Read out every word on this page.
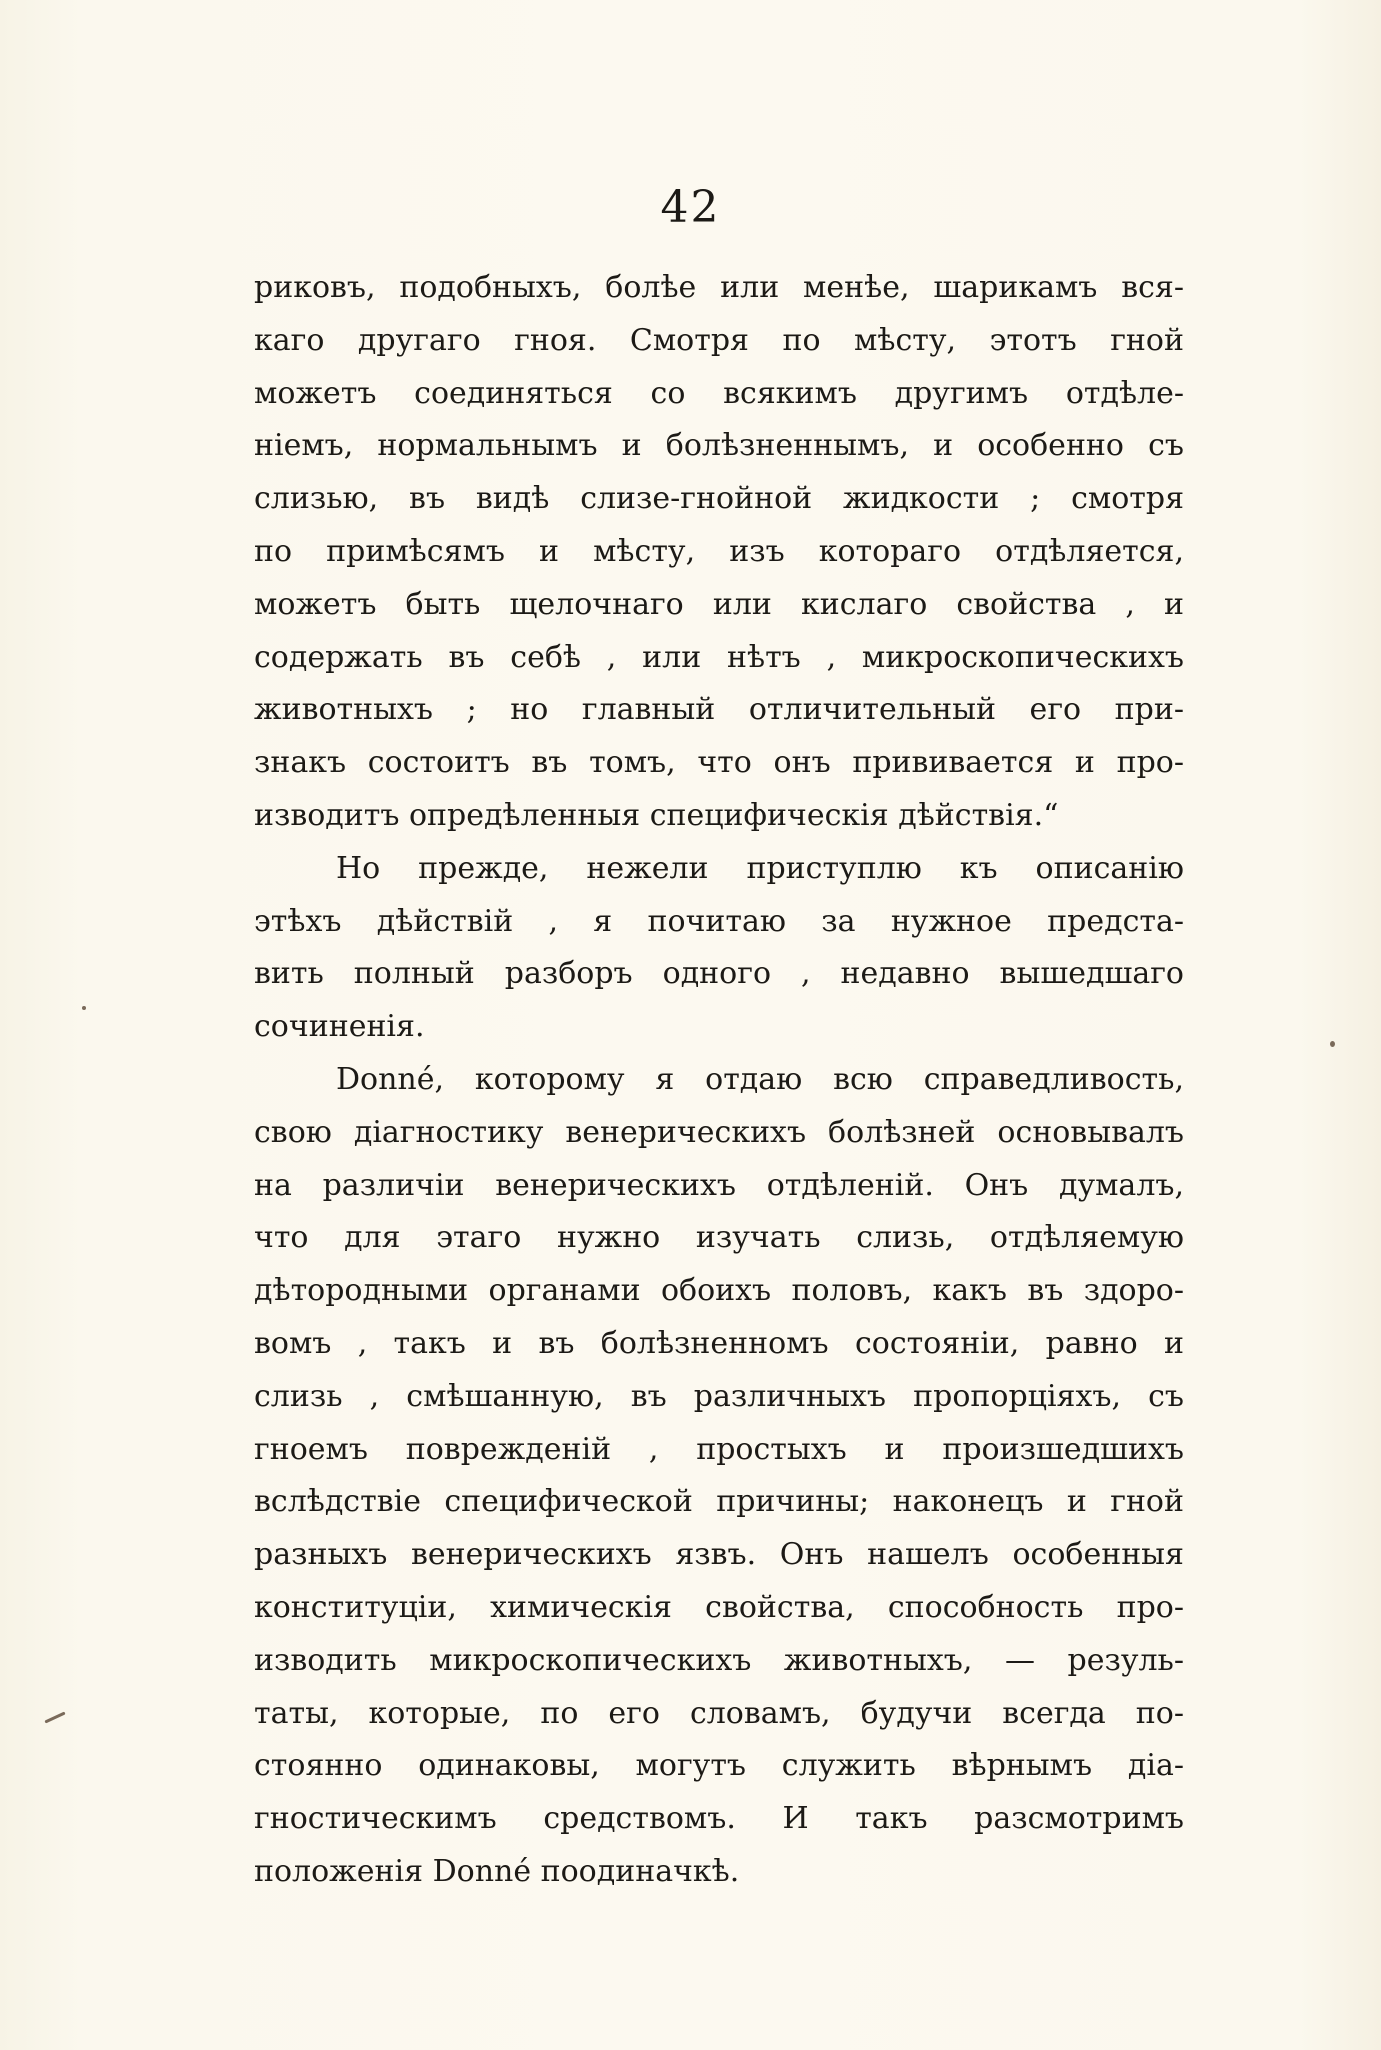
42
риковъ, подобныхъ, болѣе или менѣе, шарикамъ вся-
каго другаго гноя. Смотря по мѣсту, этотъ гной
можетъ соединяться со всякимъ другимъ отдѣле-
ніемъ, нормальнымъ и болѣзненнымъ, и особенно съ
слизью, въ видѣ слизе-гнойной жидкости ; смотря
по примѣсямъ и мѣсту, изъ котораго отдѣляется,
можетъ быть щелочнаго или кислаго свойства , и
содержать въ себѣ , или нѣтъ , микроскопическихъ
животныхъ ; но главный отличительный его при-
знакъ состоитъ въ томъ, что онъ прививается и про-
изводитъ опредѣленныя специфическія дѣйствія.“
Но прежде, нежели приступлю къ описанію
этѣхъ дѣйствій , я почитаю за нужное предста-
вить полный разборъ одного , недавно вышедшаго
сочиненія.
Donné, которому я отдаю всю справедливость,
свою діагностику венерическихъ болѣзней основывалъ
на различіи венерическихъ отдѣленій. Онъ думалъ,
что для этаго нужно изучать слизь, отдѣляемую
дѣтородными органами обоихъ половъ, какъ въ здоро-
вомъ , такъ и въ болѣзненномъ состояніи, равно и
слизь , смѣшанную, въ различныхъ пропорціяхъ, съ
гноемъ поврежденій , простыхъ и произшедшихъ
вслѣдствіе специфической причины; наконецъ и гной
разныхъ венерическихъ язвъ. Онъ нашелъ особенныя
конституціи, химическія свойства, способность про-
изводить микроскопическихъ животныхъ, — резуль-
таты, которые, по его словамъ, будучи всегда по-
стоянно одинаковы, могутъ служить вѣрнымъ діа-
гностическимъ средствомъ. И такъ разсмотримъ
положенія Donné поодиначкѣ.
